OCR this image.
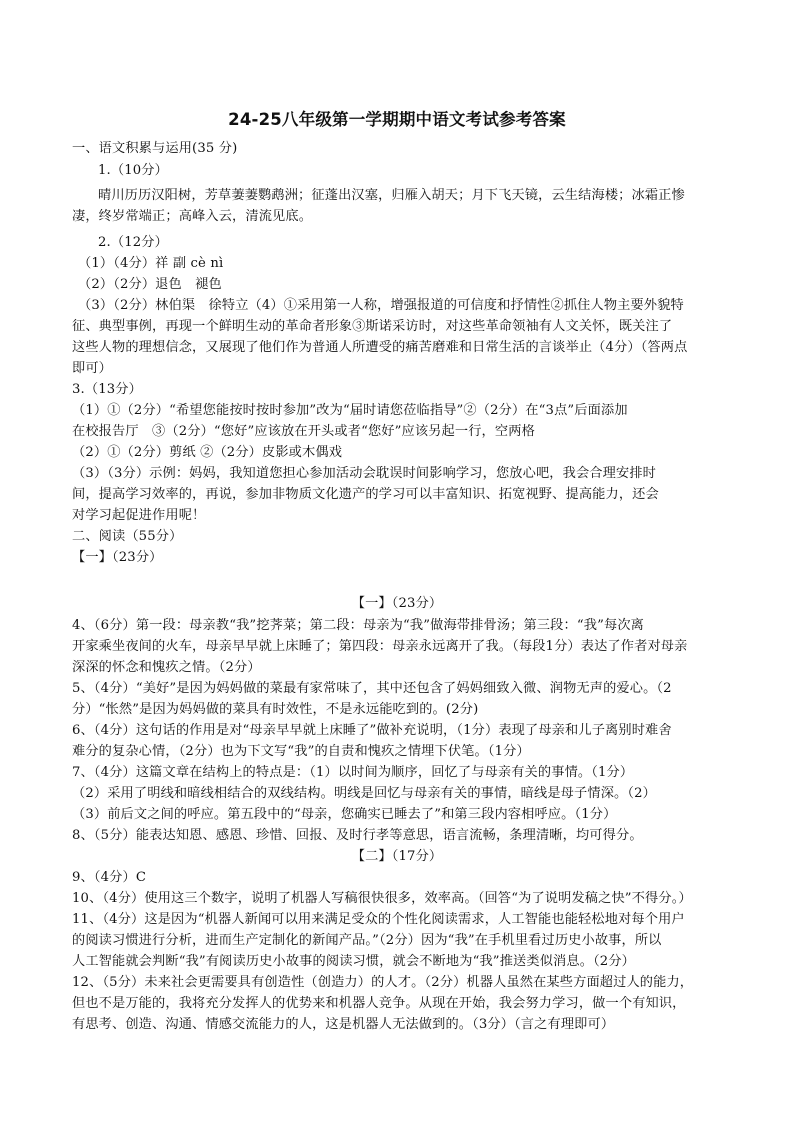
24-25八年级第一学期期中语文考试参考答案
一、语文积累与运用(35 分)
1.（10分）
晴川历历汉阳树，芳草萋萋鹦鹉洲；征蓬出汉塞，归雁入胡天；月下飞天镜，云生结海楼；冰霜正惨
凄，终岁常端正；高峰入云，清流见底。
2.（12分）
（1）（4分）祥 副 cè nì
（2）（2分）退色　褪色
（3）（2分）林伯渠　徐特立（4）①采用第一人称，增强报道的可信度和抒情性②抓住人物主要外貌特
征、典型事例，再现一个鲜明生动的革命者形象③斯诺采访时，对这些革命领袖有人文关怀，既关注了
这些人物的理想信念，又展现了他们作为普通人所遭受的痛苦磨难和日常生活的言谈举止（4分）（答两点
即可）
3.（13分）
（1）①（2分）“希望您能按时按时参加”改为“届时请您莅临指导”②（2分）在“3点”后面添加
在校报告厅　③（2分）“您好”应该放在开头或者“您好”应该另起一行，空两格
（2）①（2分）剪纸 ②（2分）皮影或木偶戏
（3）（3分）示例：妈妈，我知道您担心参加活动会耽误时间影响学习，您放心吧，我会合理安排时
间，提高学习效率的，再说，参加非物质文化遗产的学习可以丰富知识、拓宽视野、提高能力，还会
对学习起促进作用呢！
二、阅读（55分）
【一】（23分）
【一】（23分）
4、（6分）第一段：母亲教“我”挖荠菜；第二段：母亲为“我”做海带排骨汤；第三段：“我”每次离
开家乘坐夜间的火车，母亲早早就上床睡了；第四段：母亲永远离开了我。（每段1分）表达了作者对母亲
深深的怀念和愧疚之情。（2分）
5、（4分）“美好”是因为妈妈做的菜最有家常味了，其中还包含了妈妈细致入微、润物无声的爱心。（2
分）“怅然”是因为妈妈做的菜具有时效性，不是永远能吃到的。(2分)
6、（4分）这句话的作用是对“母亲早早就上床睡了”做补充说明，（1分）表现了母亲和儿子离别时难舍
难分的复杂心情，（2分）也为下文写“我”的自责和愧疚之情埋下伏笔。（1分）
7、（4分）这篇文章在结构上的特点是：（1）以时间为顺序，回忆了与母亲有关的事情。（1分）
（2）采用了明线和暗线相结合的双线结构。明线是回忆与母亲有关的事情，暗线是母子情深。（2）
（3）前后文之间的呼应。第五段中的“母亲，您确实已睡去了”和第三段内容相呼应。（1分）
8、（5分）能表达知恩、感恩、珍惜、回报、及时行孝等意思，语言流畅，条理清晰，均可得分。
【二】（17分）
9、（4分）C
10、（4分）使用这三个数字，说明了机器人写稿很快很多，效率高。（回答“为了说明发稿之快”不得分。）
11、（4分）这是因为“机器人新闻可以用来满足受众的个性化阅读需求，人工智能也能轻松地对每个用户
的阅读习惯进行分析，进而生产定制化的新闻产品。”（2分）因为“我”在手机里看过历史小故事，所以
人工智能就会判断“我”有阅读历史小故事的阅读习惯，就会不断地为“我”推送类似消息。（2分）
12、（5分）未来社会更需要具有创造性（创造力）的人才。（2分）机器人虽然在某些方面超过人的能力，
但也不是万能的，我将充分发挥人的优势来和机器人竞争。从现在开始，我会努力学习，做一个有知识，
有思考、创造、沟通、情感交流能力的人，这是机器人无法做到的。（3分）（言之有理即可）
